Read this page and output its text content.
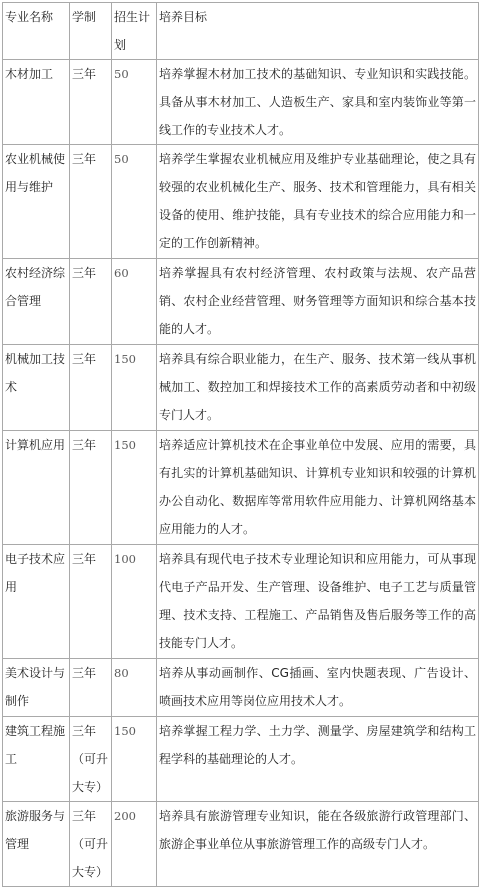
专业名称	学制	招生计划	培养目标
木材加工	三年	50	培养掌握木材加工技术的基础知识、专业知识和实践技能。具备从事木材加工、人造板生产、家具和室内装饰业等第一线工作的专业技术人才。
农业机械使用与维护	三年	50	培养学生掌握农业机械应用及维护专业基础理论，使之具有较强的农业机械化生产、服务、技术和管理能力，具有相关设备的使用、维护技能，具有专业技术的综合应用能力和一定的工作创新精神。
农村经济综合管理	三年	60	培养掌握具有农村经济管理、农村政策与法规、农产品营销、农村企业经营管理、财务管理等方面知识和综合基本技能的人才。
机械加工技术	三年	150	培养具有综合职业能力，在生产、服务、技术第一线从事机械加工、数控加工和焊接技术工作的高素质劳动者和中初级专门人才。
计算机应用	三年	150	培养适应计算机技术在企事业单位中发展、应用的需要，具有扎实的计算机基础知识、计算机专业知识和较强的计算机办公自动化、数据库等常用软件应用能力、计算机网络基本应用能力的人才。
电子技术应用	三年	100	培养具有现代电子技术专业理论知识和应用能力，可从事现代电子产品开发、生产管理、设备维护、电子工艺与质量管理、技术支持、工程施工、产品销售及售后服务等工作的高技能专门人才。
美术设计与制作	三年	80	培养从事动画制作、CG插画、室内快题表现、广告设计、喷画技术应用等岗位应用技术人才。
建筑工程施工	三年（可升大专）	150	培养掌握工程力学、土力学、测量学、房屋建筑学和结构工程学科的基础理论的人才。
旅游服务与管理	三年（可升大专）	200	培养具有旅游管理专业知识，能在各级旅游行政管理部门、旅游企事业单位从事旅游管理工作的高级专门人才。
